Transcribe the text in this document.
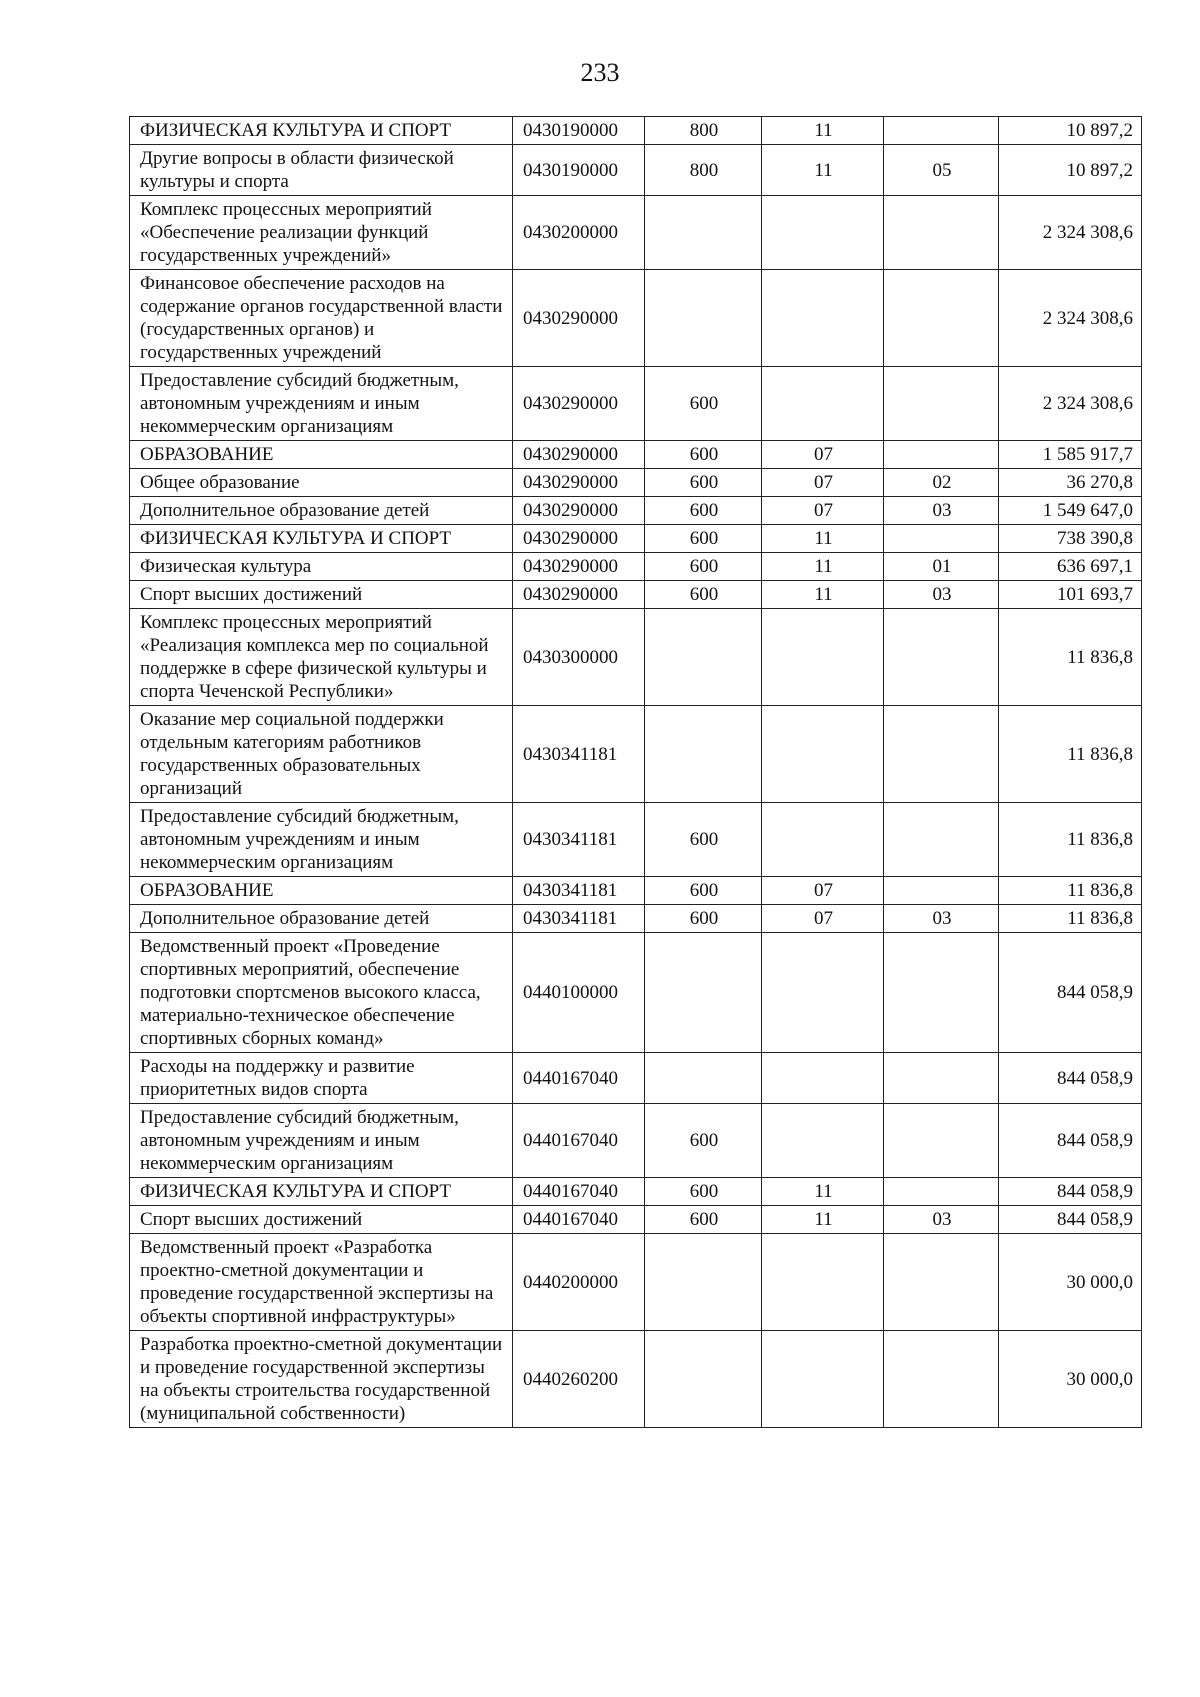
233
ФИЗИЧЕСКАЯ КУЛЬТУРА И СПОРТ	0430190000	800	11		10 897,2
Другие вопросы в области физической культуры и спорта	0430190000	800	11	05	10 897,2
Комплекс процессных мероприятий «Обеспечение реализации функций государственных учреждений»	0430200000				2 324 308,6
Финансовое обеспечение расходов на содержание органов государственной власти (государственных органов) и государственных учреждений	0430290000				2 324 308,6
Предоставление субсидий бюджетным, автономным учреждениям и иным некоммерческим организациям	0430290000	600			2 324 308,6
ОБРАЗОВАНИЕ	0430290000	600	07		1 585 917,7
Общее образование	0430290000	600	07	02	36 270,8
Дополнительное образование детей	0430290000	600	07	03	1 549 647,0
ФИЗИЧЕСКАЯ КУЛЬТУРА И СПОРТ	0430290000	600	11		738 390,8
Физическая культура	0430290000	600	11	01	636 697,1
Спорт высших достижений	0430290000	600	11	03	101 693,7
Комплекс процессных мероприятий «Реализация комплекса мер по социальной поддержке в сфере физической культуры и спорта Чеченской Республики»	0430300000				11 836,8
Оказание мер социальной поддержки отдельным категориям работников государственных образовательных организаций	0430341181				11 836,8
Предоставление субсидий бюджетным, автономным учреждениям и иным некоммерческим организациям	0430341181	600			11 836,8
ОБРАЗОВАНИЕ	0430341181	600	07		11 836,8
Дополнительное образование детей	0430341181	600	07	03	11 836,8
Ведомственный проект «Проведение спортивных мероприятий, обеспечение подготовки спортсменов высокого класса, материально-техническое обеспечение спортивных сборных команд»	0440100000				844 058,9
Расходы на поддержку и развитие приоритетных видов спорта	0440167040				844 058,9
Предоставление субсидий бюджетным, автономным учреждениям и иным некоммерческим организациям	0440167040	600			844 058,9
ФИЗИЧЕСКАЯ КУЛЬТУРА И СПОРТ	0440167040	600	11		844 058,9
Спорт высших достижений	0440167040	600	11	03	844 058,9
Ведомственный проект «Разработка проектно-сметной документации и проведение государственной экспертизы на объекты спортивной инфраструктуры»	0440200000				30 000,0
Разработка проектно-сметной документации и проведение государственной экспертизы на объекты строительства государственной (муниципальной собственности)	0440260200				30 000,0
